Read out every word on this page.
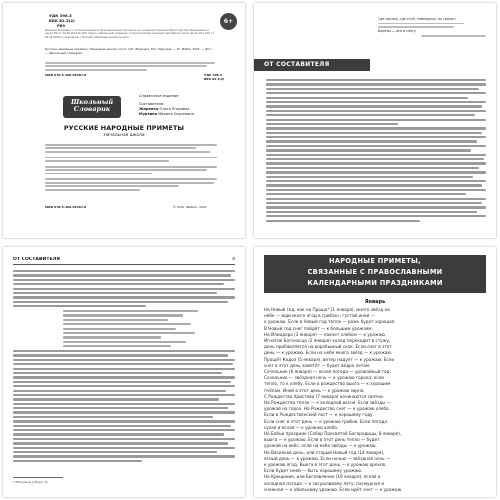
УДК 398.3
ББК 82.3(2)
Р89
6+
Издание допущено к использованию в образовательной процессе на основании приказа Министерства образования и науки РФ от 09.06.2016 № 699. Серия «Школьный словарик» получила Национальный сертификат качества № 19-1-001 от 20.02.2018 и номинацию «Лучший информационный проект».
Русские народные приметы. Начальная школа / Сост. О.Е. Жиренко, М.С. Мурзина. — М.: ВАКО, 2021. — 80 с. — (Школьный словарик).
ISBN 978-5-408-05587-8	УДК 398.3
ББК 82.3(2)
Школьный
Словарик
Справочное издание
Составители:
Жиренко Ольга Егоровна
Мурзина Марина Сергеевна
РУССКИЕ НАРОДНЫЕ ПРИМЕТЫ
Начальная школа
ISBN 978-5-408-05587-8	© ООО «ВАКО», 2021
ОТ СОСТАВИТЕЛЯ
Где смолья, где стой, темнорусы, по грачи»;
Березы — все в снегу.
ОТ СОСТАВИТЕЛЯ	4
* Михалков (сборн.) 6.
НАРОДНЫЕ ПРИМЕТЫ,
СВЯЗАННЫЕ С ПРАВОСЛАВНЫМИ
КАЛЕНДАРНЫМИ ПРАЗДНИКАМИ
Январь
На Новый год, как на Проща* (1 января), много звёзд на
небе — жди много ягод в грибах»; густой иней —
к урожаю. Если в Новый год тепло — рожь будет хорошая.
В Новый год снег пойдёт — к большим урожаям.
На Илиодора (3 января) — пахнет хлебом — к урожаю.
Игнатия Богоносца (2 января) холод переходит в стужу,
день прибавляется на воробьиный скок. Если снег в этот
день — к урожаю. Если на небе много звёзд — к урожаю.
Прощёт Кодол (5 января), ветер надует — к урожаю. Если
снег в этот день заметёт — будет вёдро летом.
Сочельник (6 января) — ясная погода — урожайный год;
Сочельник — звёздная ночь — к урожаю гороха; если
тепло, то к хлебу. Если в рождество вьюга — к хорошим
пчёлам. Иней в этот день — к урожаю зерна.
С Рождества Христова (7 января) начинаются святки.
На Рождество тепло — к холодной весне. Если звёзды —
урожай на горох. На Рождество снег — к урожаю хлеба.
Если в Рождественский пост — к хорошему году.
Если снег в этот день — к урожаю грибов. Если погода
сухая и ясная — к урожаю хлеба.
На Бабьи праздник (Собор Пресвятой Богородицы, 8 января),
вьюга — к урожаю. Если в этот день тепло — будет
урожай на овёс; если на небе звёзды — к урожаю.
На Васильев день, или старый Новый год (14 января),
ясный день — к урожаю. Если ночью — звёздная ночь —
к урожаю ягод. Вьюга в этот день — к урожаю орехов.
Если будет иней — быть хорошему урожаю.
На Крещение, или Богоявление (19 января), ясная и
холодная погода — к засушливому лету; пасмурная и
снежная — к обильному урожаю. Если идёт снег — к урожаю.
